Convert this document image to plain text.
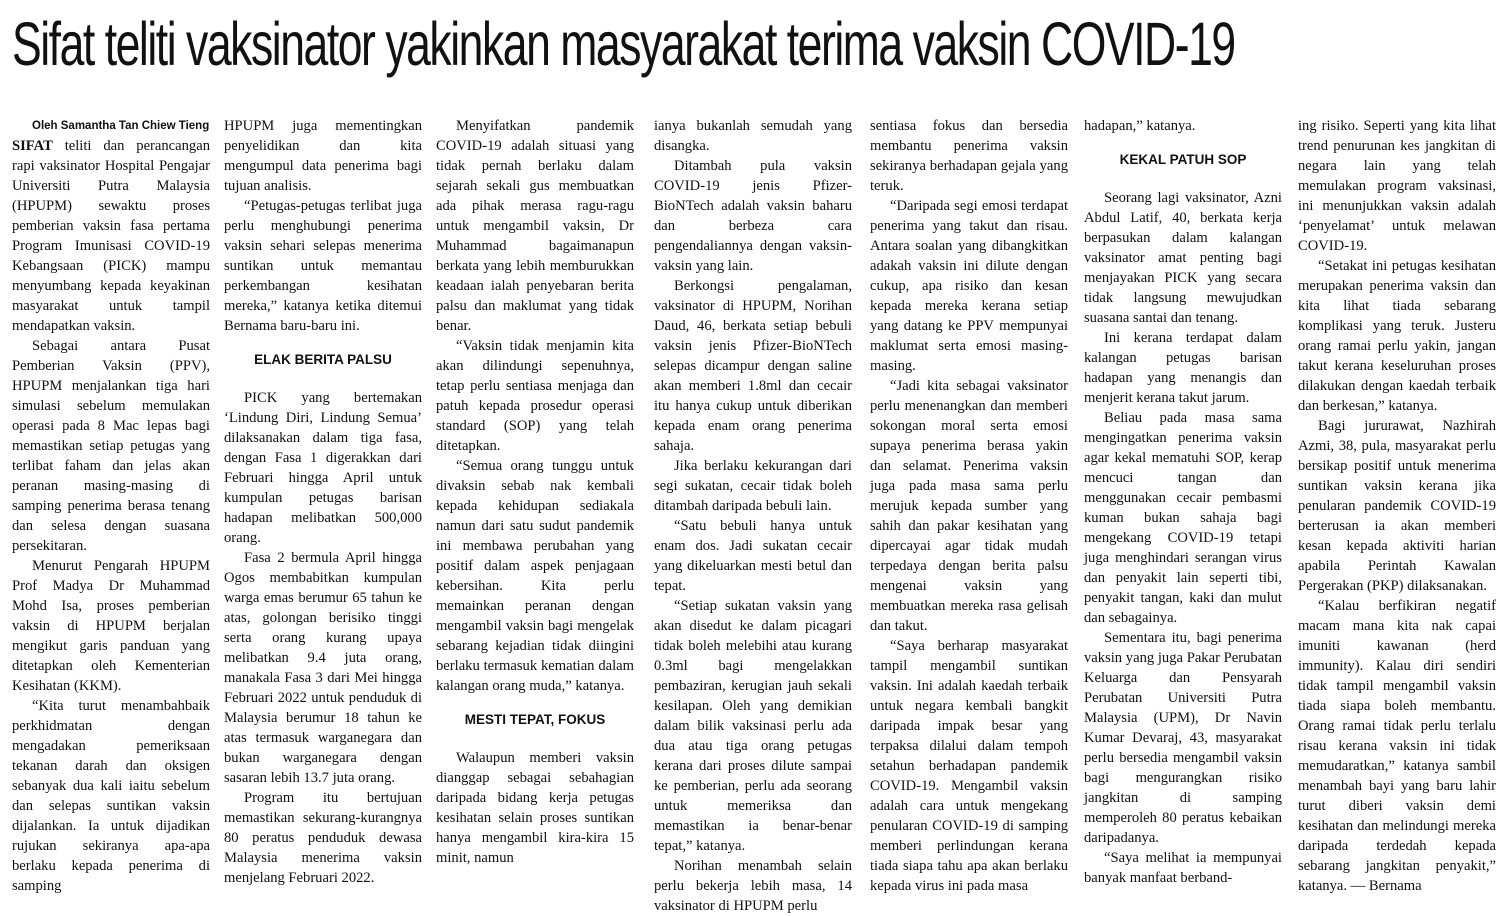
Sifat teliti vaksinator yakinkan masyarakat terima vaksin COVID-19

Oleh Samantha Tan Chiew Tieng

SIFAT teliti dan perancangan rapi vaksinator Hospital Pengajar Universiti Putra Malaysia (HPUPM) sewaktu proses pemberian vaksin fasa pertama Program Imunisasi COVID-19 Kebangsaan (PICK) mampu menyumbang kepada keyakinan masyarakat untuk tampil mendapatkan vaksin.

Sebagai antara Pusat Pemberian Vaksin (PPV), HPUPM menjalankan tiga hari simulasi sebelum memulakan operasi pada 8 Mac lepas bagi memastikan setiap petugas yang terlibat faham dan jelas akan peranan masing-masing di samping penerima berasa tenang dan selesa dengan suasana persekitaran.

Menurut Pengarah HPUPM Prof Madya Dr Muhammad Mohd Isa, proses pemberian vaksin di HPUPM berjalan mengikut garis panduan yang ditetapkan oleh Kementerian Kesihatan (KKM).

“Kita turut menambahbaik perkhidmatan dengan mengadakan pemeriksaan tekanan darah dan oksigen sebanyak dua kali iaitu sebelum dan selepas suntikan vaksin dijalankan. Ia untuk dijadikan rujukan sekiranya apa-apa berlaku kepada penerima di samping

HPUPM juga mementingkan penyelidikan dan kita mengumpul data penerima bagi tujuan analisis.

“Petugas-petugas terlibat juga perlu menghubungi penerima vaksin sehari selepas menerima suntikan untuk memantau perkembangan kesihatan mereka,” katanya ketika ditemui Bernama baru-baru ini.

ELAK BERITA PALSU

PICK yang bertemakan ‘Lindung Diri, Lindung Semua’ dilaksanakan dalam tiga fasa, dengan Fasa 1 digerakkan dari Februari hingga April untuk kumpulan petugas barisan hadapan melibatkan 500,000 orang.

Fasa 2 bermula April hingga Ogos membabitkan kumpulan warga emas berumur 65 tahun ke atas, golongan berisiko tinggi serta orang kurang upaya melibatkan 9.4 juta orang, manakala Fasa 3 dari Mei hingga Februari 2022 untuk penduduk di Malaysia berumur 18 tahun ke atas termasuk warganegara dan bukan warganegara dengan sasaran lebih 13.7 juta orang.

Program itu bertujuan memastikan sekurang-kurangnya 80 peratus penduduk dewasa Malaysia menerima vaksin menjelang Februari 2022.

Menyifatkan pandemik COVID-19 adalah situasi yang tidak pernah berlaku dalam sejarah sekali gus membuatkan ada pihak merasa ragu-ragu untuk mengambil vaksin, Dr Muhammad bagaimanapun berkata yang lebih memburukkan keadaan ialah penyebaran berita palsu dan maklumat yang tidak benar.

“Vaksin tidak menjamin kita akan dilindungi sepenuhnya, tetap perlu sentiasa menjaga dan patuh kepada prosedur operasi standard (SOP) yang telah ditetapkan.

“Semua orang tunggu untuk divaksin sebab nak kembali kepada kehidupan sediakala namun dari satu sudut pandemik ini membawa perubahan yang positif dalam aspek penjagaan kebersihan. Kita perlu memainkan peranan dengan mengambil vaksin bagi mengelak sebarang kejadian tidak diingini berlaku termasuk kematian dalam kalangan orang muda,” katanya.

MESTI TEPAT, FOKUS

Walaupun memberi vaksin dianggap sebagai sebahagian daripada bidang kerja petugas kesihatan selain proses suntikan hanya mengambil kira-kira 15 minit, namun

ianya bukanlah semudah yang disangka.

Ditambah pula vaksin COVID-19 jenis Pfizer-BioNTech adalah vaksin baharu dan berbeza cara pengendaliannya dengan vaksin-vaksin yang lain.

Berkongsi pengalaman, vaksinator di HPUPM, Norihan Daud, 46, berkata setiap bebuli vaksin jenis Pfizer-BioNTech selepas dicampur dengan saline akan memberi 1.8ml dan cecair itu hanya cukup untuk diberikan kepada enam orang penerima sahaja.

Jika berlaku kekurangan dari segi sukatan, cecair tidak boleh ditambah daripada bebuli lain.

“Satu bebuli hanya untuk enam dos. Jadi sukatan cecair yang dikeluarkan mesti betul dan tepat.

“Setiap sukatan vaksin yang akan disedut ke dalam picagari tidak boleh melebihi atau kurang 0.3ml bagi mengelakkan pembaziran, kerugian jauh sekali kesilapan. Oleh yang demikian dalam bilik vaksinasi perlu ada dua atau tiga orang petugas kerana dari proses dilute sampai ke pemberian, perlu ada seorang untuk memeriksa dan memastikan ia benar-benar tepat,” katanya.

Norihan menambah selain perlu bekerja lebih masa, 14 vaksinator di HPUPM perlu

sentiasa fokus dan bersedia membantu penerima vaksin sekiranya berhadapan gejala yang teruk.

“Daripada segi emosi terdapat penerima yang takut dan risau. Antara soalan yang dibangkitkan adakah vaksin ini dilute dengan cukup, apa risiko dan kesan kepada mereka kerana setiap yang datang ke PPV mempunyai maklumat serta emosi masing-masing.

“Jadi kita sebagai vaksinator perlu menenangkan dan memberi sokongan moral serta emosi supaya penerima berasa yakin dan selamat. Penerima vaksin juga pada masa sama perlu merujuk kepada sumber yang sahih dan pakar kesihatan yang dipercayai agar tidak mudah terpedaya dengan berita palsu mengenai vaksin yang membuatkan mereka rasa gelisah dan takut.

“Saya berharap masyarakat tampil mengambil suntikan vaksin. Ini adalah kaedah terbaik untuk negara kembali bangkit daripada impak besar yang terpaksa dilalui dalam tempoh setahun berhadapan pandemik COVID-19. Mengambil vaksin adalah cara untuk mengekang penularan COVID-19 di samping memberi perlindungan kerana tiada siapa tahu apa akan berlaku kepada virus ini pada masa

hadapan,” katanya.

KEKAL PATUH SOP

Seorang lagi vaksinator, Azni Abdul Latif, 40, berkata kerja berpasukan dalam kalangan vaksinator amat penting bagi menjayakan PICK yang secara tidak langsung mewujudkan suasana santai dan tenang.

Ini kerana terdapat dalam kalangan petugas barisan hadapan yang menangis dan menjerit kerana takut jarum.

Beliau pada masa sama mengingatkan penerima vaksin agar kekal mematuhi SOP, kerap mencuci tangan dan menggunakan cecair pembasmi kuman bukan sahaja bagi mengekang COVID-19 tetapi juga menghindari serangan virus dan penyakit lain seperti tibi, penyakit tangan, kaki dan mulut dan sebagainya.

Sementara itu, bagi penerima vaksin yang juga Pakar Perubatan Keluarga dan Pensyarah Perubatan Universiti Putra Malaysia (UPM), Dr Navin Kumar Devaraj, 43, masyarakat perlu bersedia mengambil vaksin bagi mengurangkan risiko jangkitan di samping memperoleh 80 peratus kebaikan daripadanya.

“Saya melihat ia mempunyai banyak manfaat berband-

ing risiko. Seperti yang kita lihat trend penurunan kes jangkitan di negara lain yang telah memulakan program vaksinasi, ini menunjukkan vaksin adalah ‘penyelamat’ untuk melawan COVID-19.

“Setakat ini petugas kesihatan merupakan penerima vaksin dan kita lihat tiada sebarang komplikasi yang teruk. Justeru orang ramai perlu yakin, jangan takut kerana keseluruhan proses dilakukan dengan kaedah terbaik dan berkesan,” katanya.

Bagi jururawat, Nazhirah Azmi, 38, pula, masyarakat perlu bersikap positif untuk menerima suntikan vaksin kerana jika penularan pandemik COVID-19 berterusan ia akan memberi kesan kepada aktiviti harian apabila Perintah Kawalan Pergerakan (PKP) dilaksanakan.

“Kalau berfikiran negatif macam mana kita nak capai imuniti kawanan (herd immunity). Kalau diri sendiri tidak tampil mengambil vaksin tiada siapa boleh membantu. Orang ramai tidak perlu terlalu risau kerana vaksin ini tidak memudaratkan,” katanya sambil menambah bayi yang baru lahir turut diberi vaksin demi kesihatan dan melindungi mereka daripada terdedah kepada sebarang jangkitan penyakit,” katanya. — Bernama
